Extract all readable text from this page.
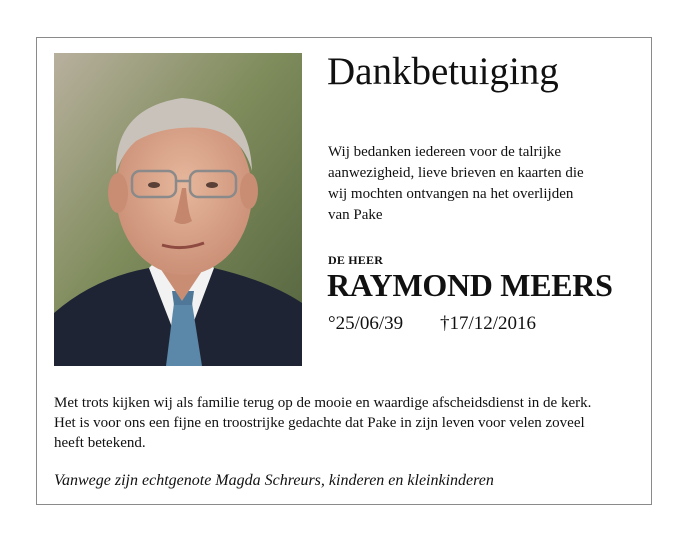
Dankbetuiging
Wij bedanken iedereen voor de talrijke
aanwezigheid, lieve brieven en kaarten die
wij mochten ontvangen na het overlijden
van Pake
DE HEER
RAYMOND MEERS
°25/06/39 †17/12/2016
Met trots kijken wij als familie terug op de mooie en waardige afscheidsdienst in de kerk.
Het is voor ons een fijne en troostrijke gedachte dat Pake in zijn leven voor velen zoveel
heeft betekend.
Vanwege zijn echtgenote Magda Schreurs, kinderen en kleinkinderen
